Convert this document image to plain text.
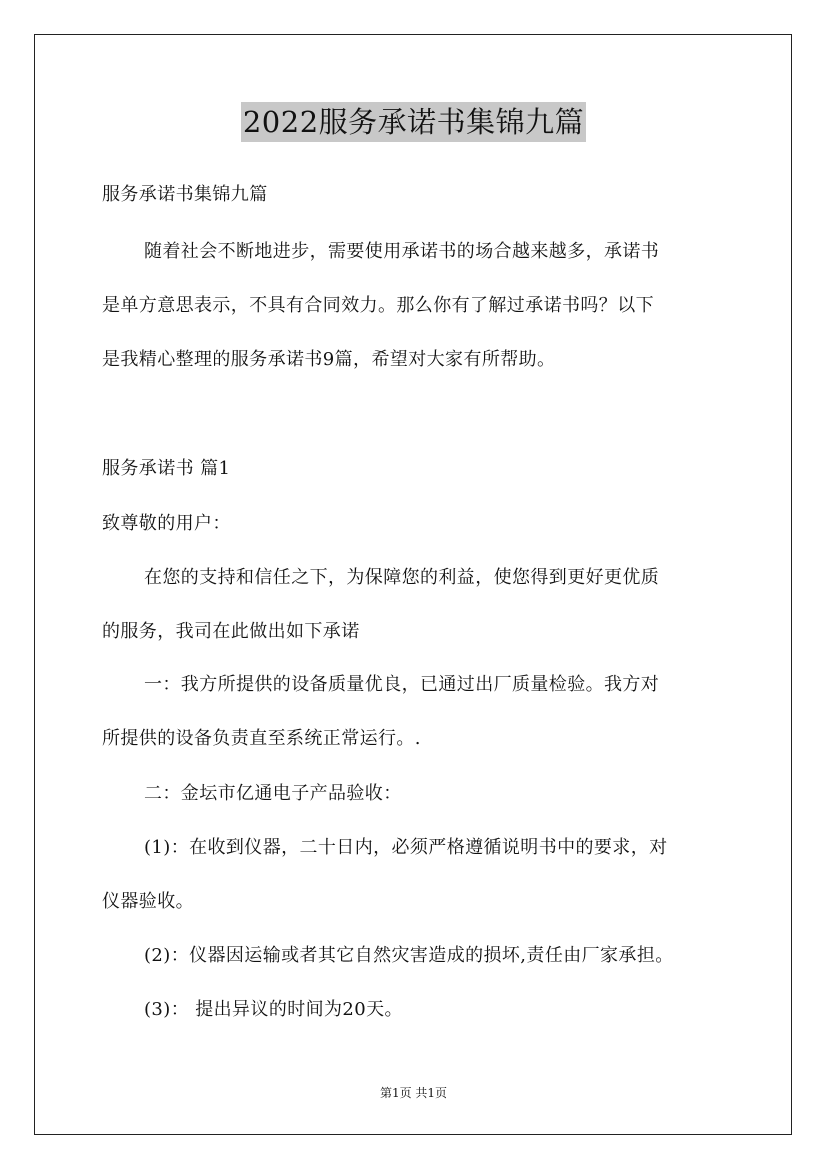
2022服务承诺书集锦九篇
服务承诺书集锦九篇
随着社会不断地进步，需要使用承诺书的场合越来越多，承诺书
是单方意思表示，不具有合同效力。那么你有了解过承诺书吗？以下
是我精心整理的服务承诺书9篇，希望对大家有所帮助。
服务承诺书 篇1
致尊敬的用户：
在您的支持和信任之下，为保障您的利益，使您得到更好更优质
的服务，我司在此做出如下承诺
一：我方所提供的设备质量优良，已通过出厂质量检验。我方对
所提供的设备负责直至系统正常运行。.
二：金坛市亿通电子产品验收：
(1)：在收到仪器，二十日内，必须严格遵循说明书中的要求，对
仪器验收。
(2)：仪器因运输或者其它自然灾害造成的损坏,责任由厂家承担。
(3)： 提出异议的时间为20天。
第1页 共1页
